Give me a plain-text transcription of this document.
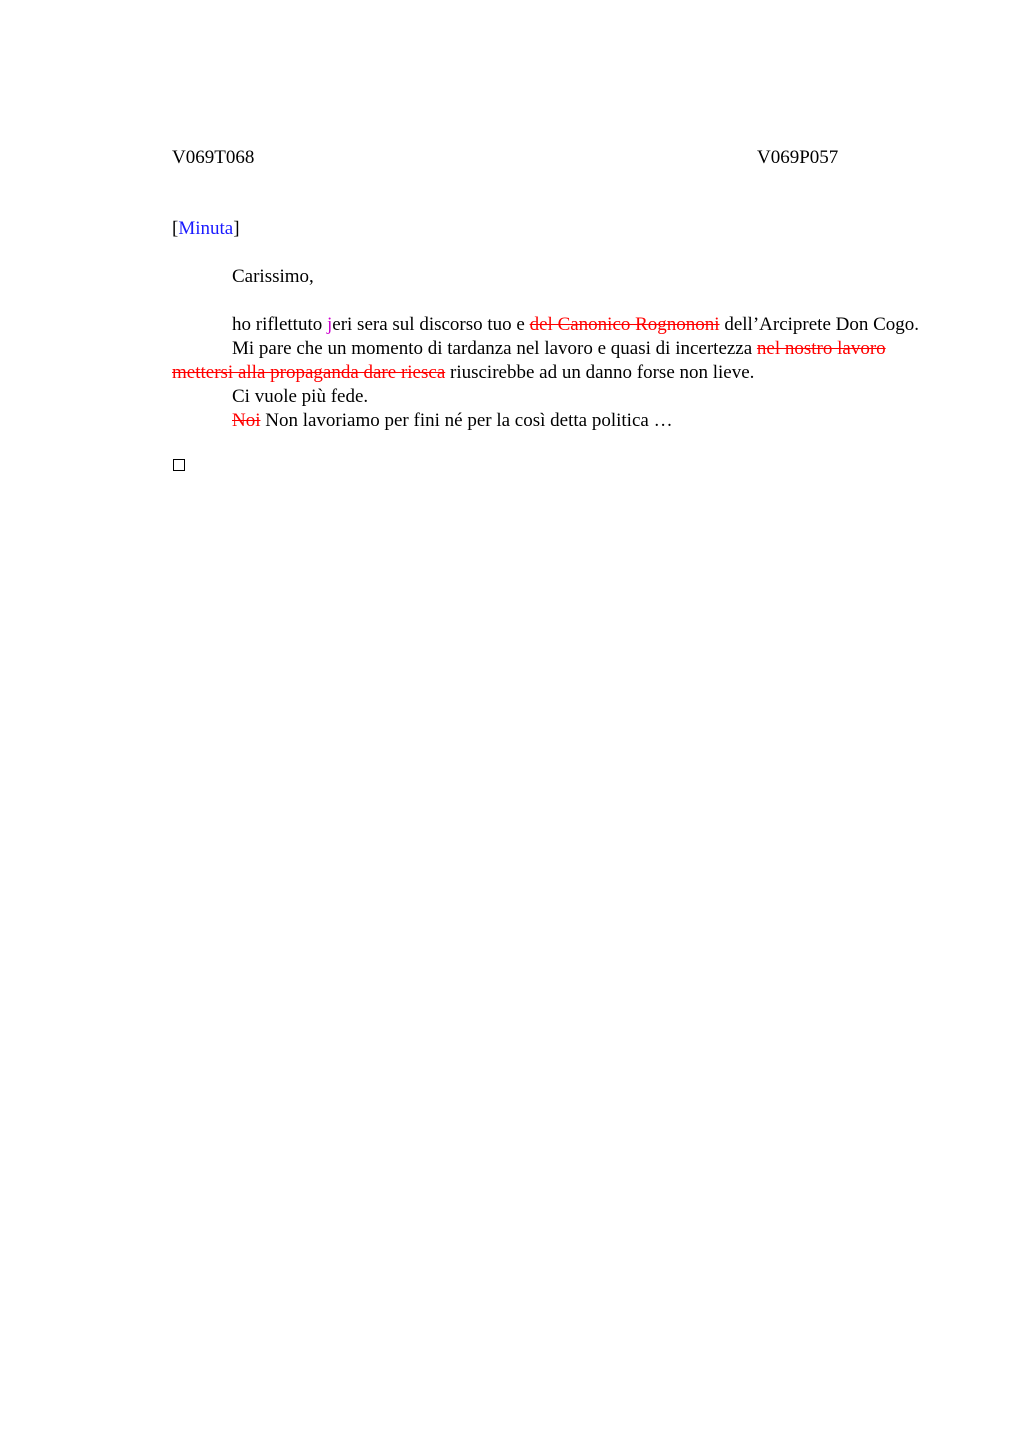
V069T068	V069P057
[Minuta]

Carissimo,

ho riflettuto jeri sera sul discorso tuo e del Canonico Rognononi dell’Arciprete Don Cogo.

Mi pare che un momento di tardanza nel lavoro e quasi di incertezza nel nostro lavoro mettersi alla propaganda dare riesca riuscirebbe ad un danno forse non lieve.

Ci vuole più fede.

Noi Non lavoriamo per fini né per la così detta politica …
